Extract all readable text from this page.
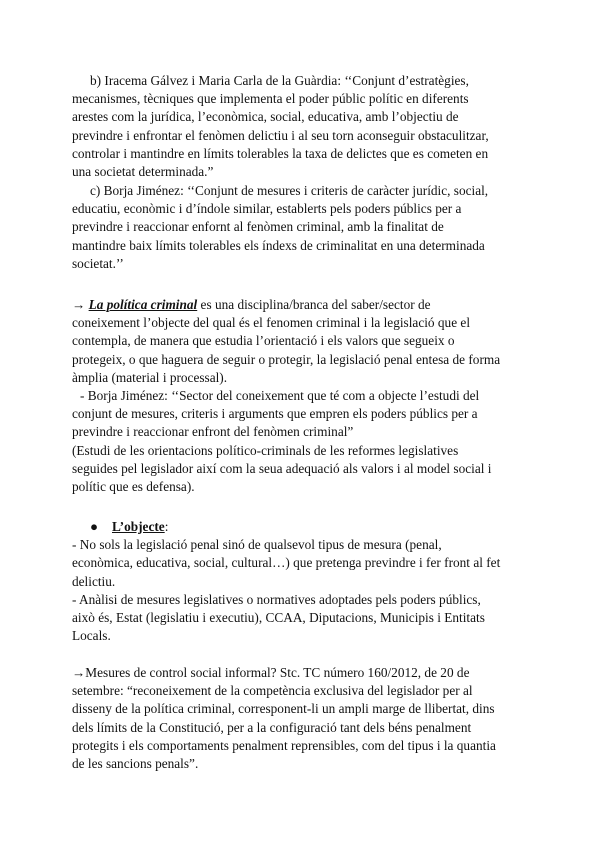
b) Iracema Gálvez i Maria Carla de la Guàrdia: ‘‘Conjunt d’estratègies,
mecanismes, tècniques que implementa el poder públic polític en diferents
arestes com la jurídica, l’econòmica, social, educativa, amb l’objectiu de
previndre i enfrontar el fenòmen delictiu i al seu torn aconseguir obstaculitzar,
controlar i mantindre en límits tolerables la taxa de delictes que es cometen en
una societat determinada.”
c) Borja Jiménez: ‘‘Conjunt de mesures i criteris de caràcter jurídic, social,
educatiu, econòmic i d’índole similar, establerts pels poders públics per a
previndre i reaccionar enfornt al fenòmen criminal, amb la finalitat de
mantindre baix límits tolerables els índexs de criminalitat en una determinada
societat.’’
→ La política criminal es una disciplina/branca del saber/sector de
coneixement l’objecte del qual és el fenomen criminal i la legislació que el
contempla, de manera que estudia l’orientació i els valors que segueix o
protegeix, o que haguera de seguir o protegir, la legislació penal entesa de forma
àmplia (material i processal).
- Borja Jiménez: ‘‘Sector del coneixement que té com a objecte l’estudi del
conjunt de mesures, criteris i arguments que empren els poders públics per a
previndre i reaccionar enfront del fenòmen criminal”
(Estudi de les orientacions político-criminals de les reformes legislatives
seguides pel legislador així com la seua adequació als valors i al model social i
polític que es defensa).
● L’objecte:
- No sols la legislació penal sinó de qualsevol tipus de mesura (penal,
econòmica, educativa, social, cultural…) que pretenga previndre i fer front al fet
delictiu.
- Anàlisi de mesures legislatives o normatives adoptades pels poders públics,
això és, Estat (legislatiu i executiu), CCAA, Diputacions, Municipis i Entitats
Locals.
→Mesures de control social informal? Stc. TC número 160/2012, de 20 de
setembre: “reconeixement de la competència exclusiva del legislador per al
disseny de la política criminal, corresponent-li un ampli marge de llibertat, dins
dels límits de la Constitució, per a la configuració tant dels béns penalment
protegits i els comportaments penalment reprensibles, com del tipus i la quantia
de les sancions penals”.
